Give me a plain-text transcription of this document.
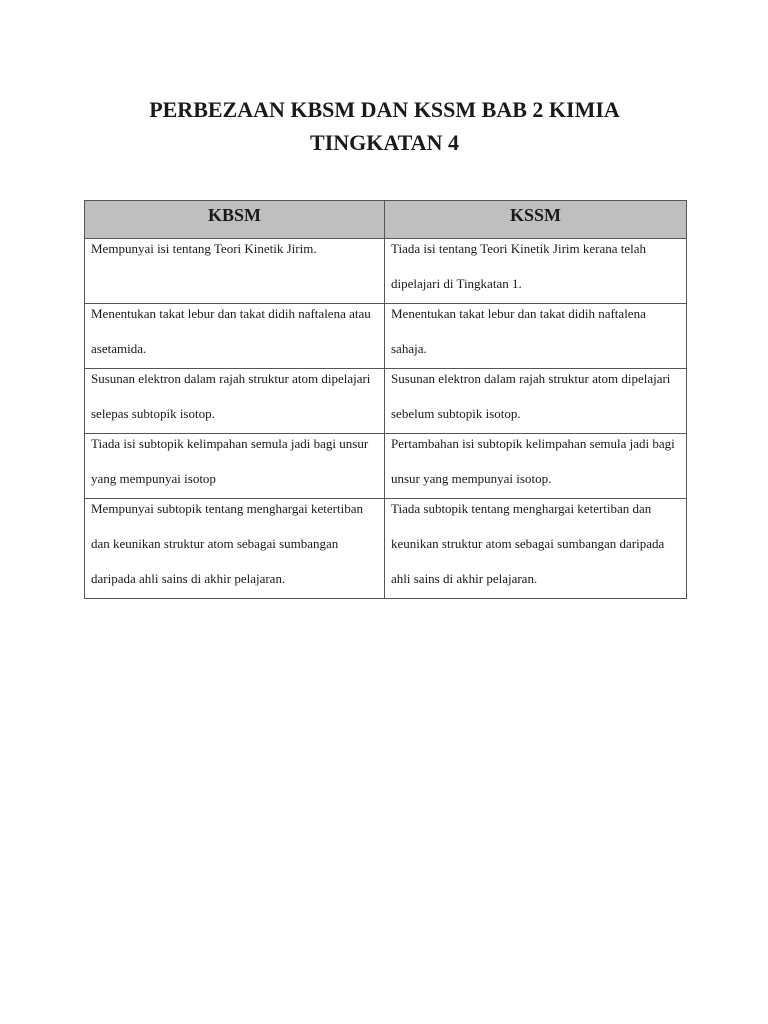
PERBEZAAN KBSM DAN KSSM BAB 2 KIMIA
TINGKATAN 4
KBSM	KSSM

Mempunyai isi tentang Teori Kinetik Jirim.	Tiada isi tentang Teori Kinetik Jirim kerana telah dipelajari di Tingkatan 1.

Menentukan takat lebur dan takat didih naftalena atau asetamida.	Menentukan takat lebur dan takat didih naftalena sahaja.

Susunan elektron dalam rajah struktur atom dipelajari selepas subtopik isotop.	Susunan elektron dalam rajah struktur atom dipelajari sebelum subtopik isotop.

Tiada isi subtopik kelimpahan semula jadi bagi unsur yang mempunyai isotop	Pertambahan isi subtopik kelimpahan semula jadi bagi unsur yang mempunyai isotop.

Mempunyai subtopik tentang menghargai ketertiban dan keunikan struktur atom sebagai sumbangan daripada ahli sains di akhir pelajaran.	Tiada subtopik tentang menghargai ketertiban dan keunikan struktur atom sebagai sumbangan daripada ahli sains di akhir pelajaran.
